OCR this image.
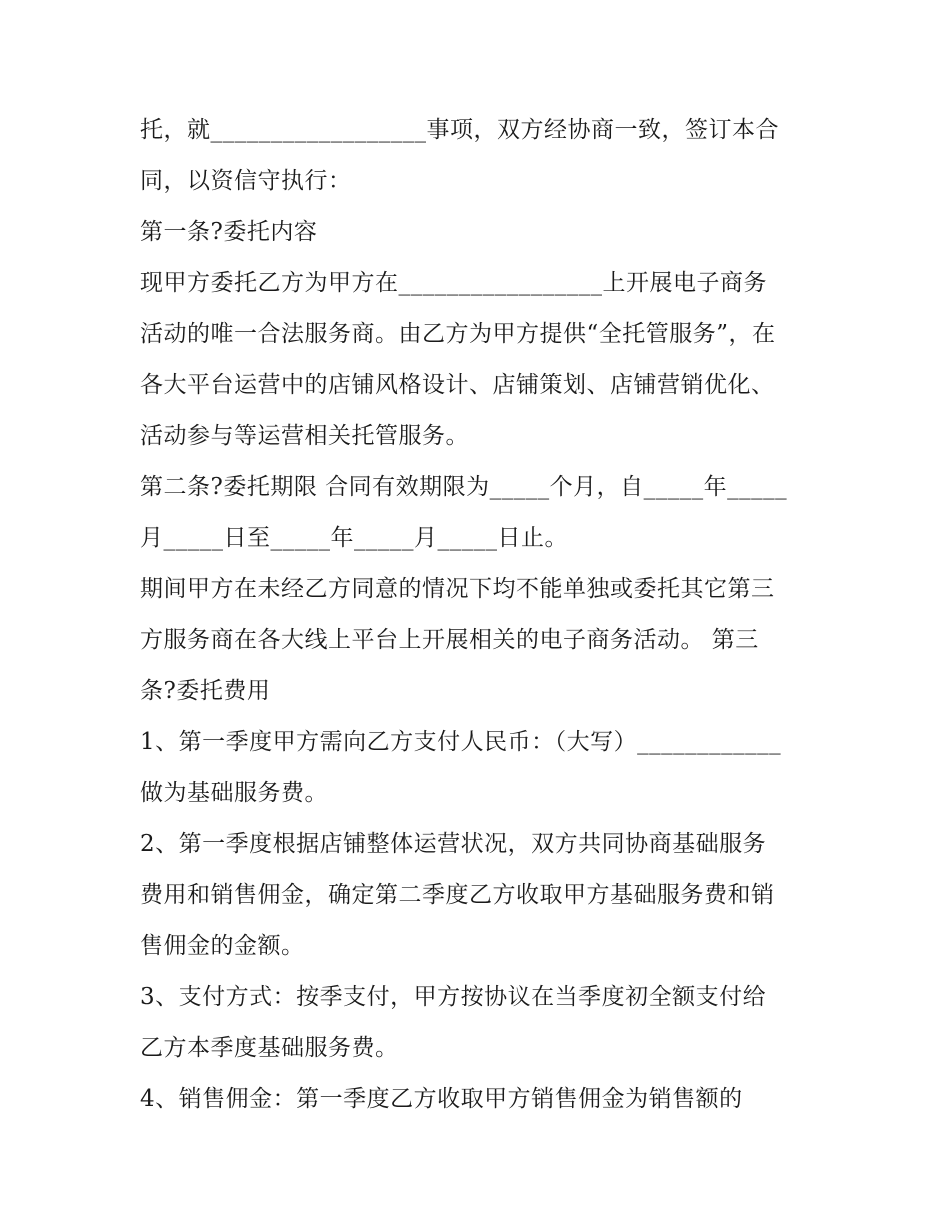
托，就__________________事项，双方经协商一致，签订本合
同，以资信守执行：
第一条?委托内容
现甲方委托乙方为甲方在_________________上开展电子商务
活动的唯一合法服务商。由乙方为甲方提供“全托管服务”，在
各大平台运营中的店铺风格设计、店铺策划、店铺营销优化、
活动参与等运营相关托管服务。
第二条?委托期限 合同有效期限为_____个月，自_____年_____
月_____日至_____年_____月_____日止。
期间甲方在未经乙方同意的情况下均不能单独或委托其它第三
方服务商在各大线上平台上开展相关的电子商务活动。 第三
条?委托费用
1、第一季度甲方需向乙方支付人民币：（大写）____________
做为基础服务费。
2、第一季度根据店铺整体运营状况，双方共同协商基础服务
费用和销售佣金，确定第二季度乙方收取甲方基础服务费和销
售佣金的金额。
3、支付方式：按季支付，甲方按协议在当季度初全额支付给
乙方本季度基础服务费。
4、销售佣金：第一季度乙方收取甲方销售佣金为销售额的
